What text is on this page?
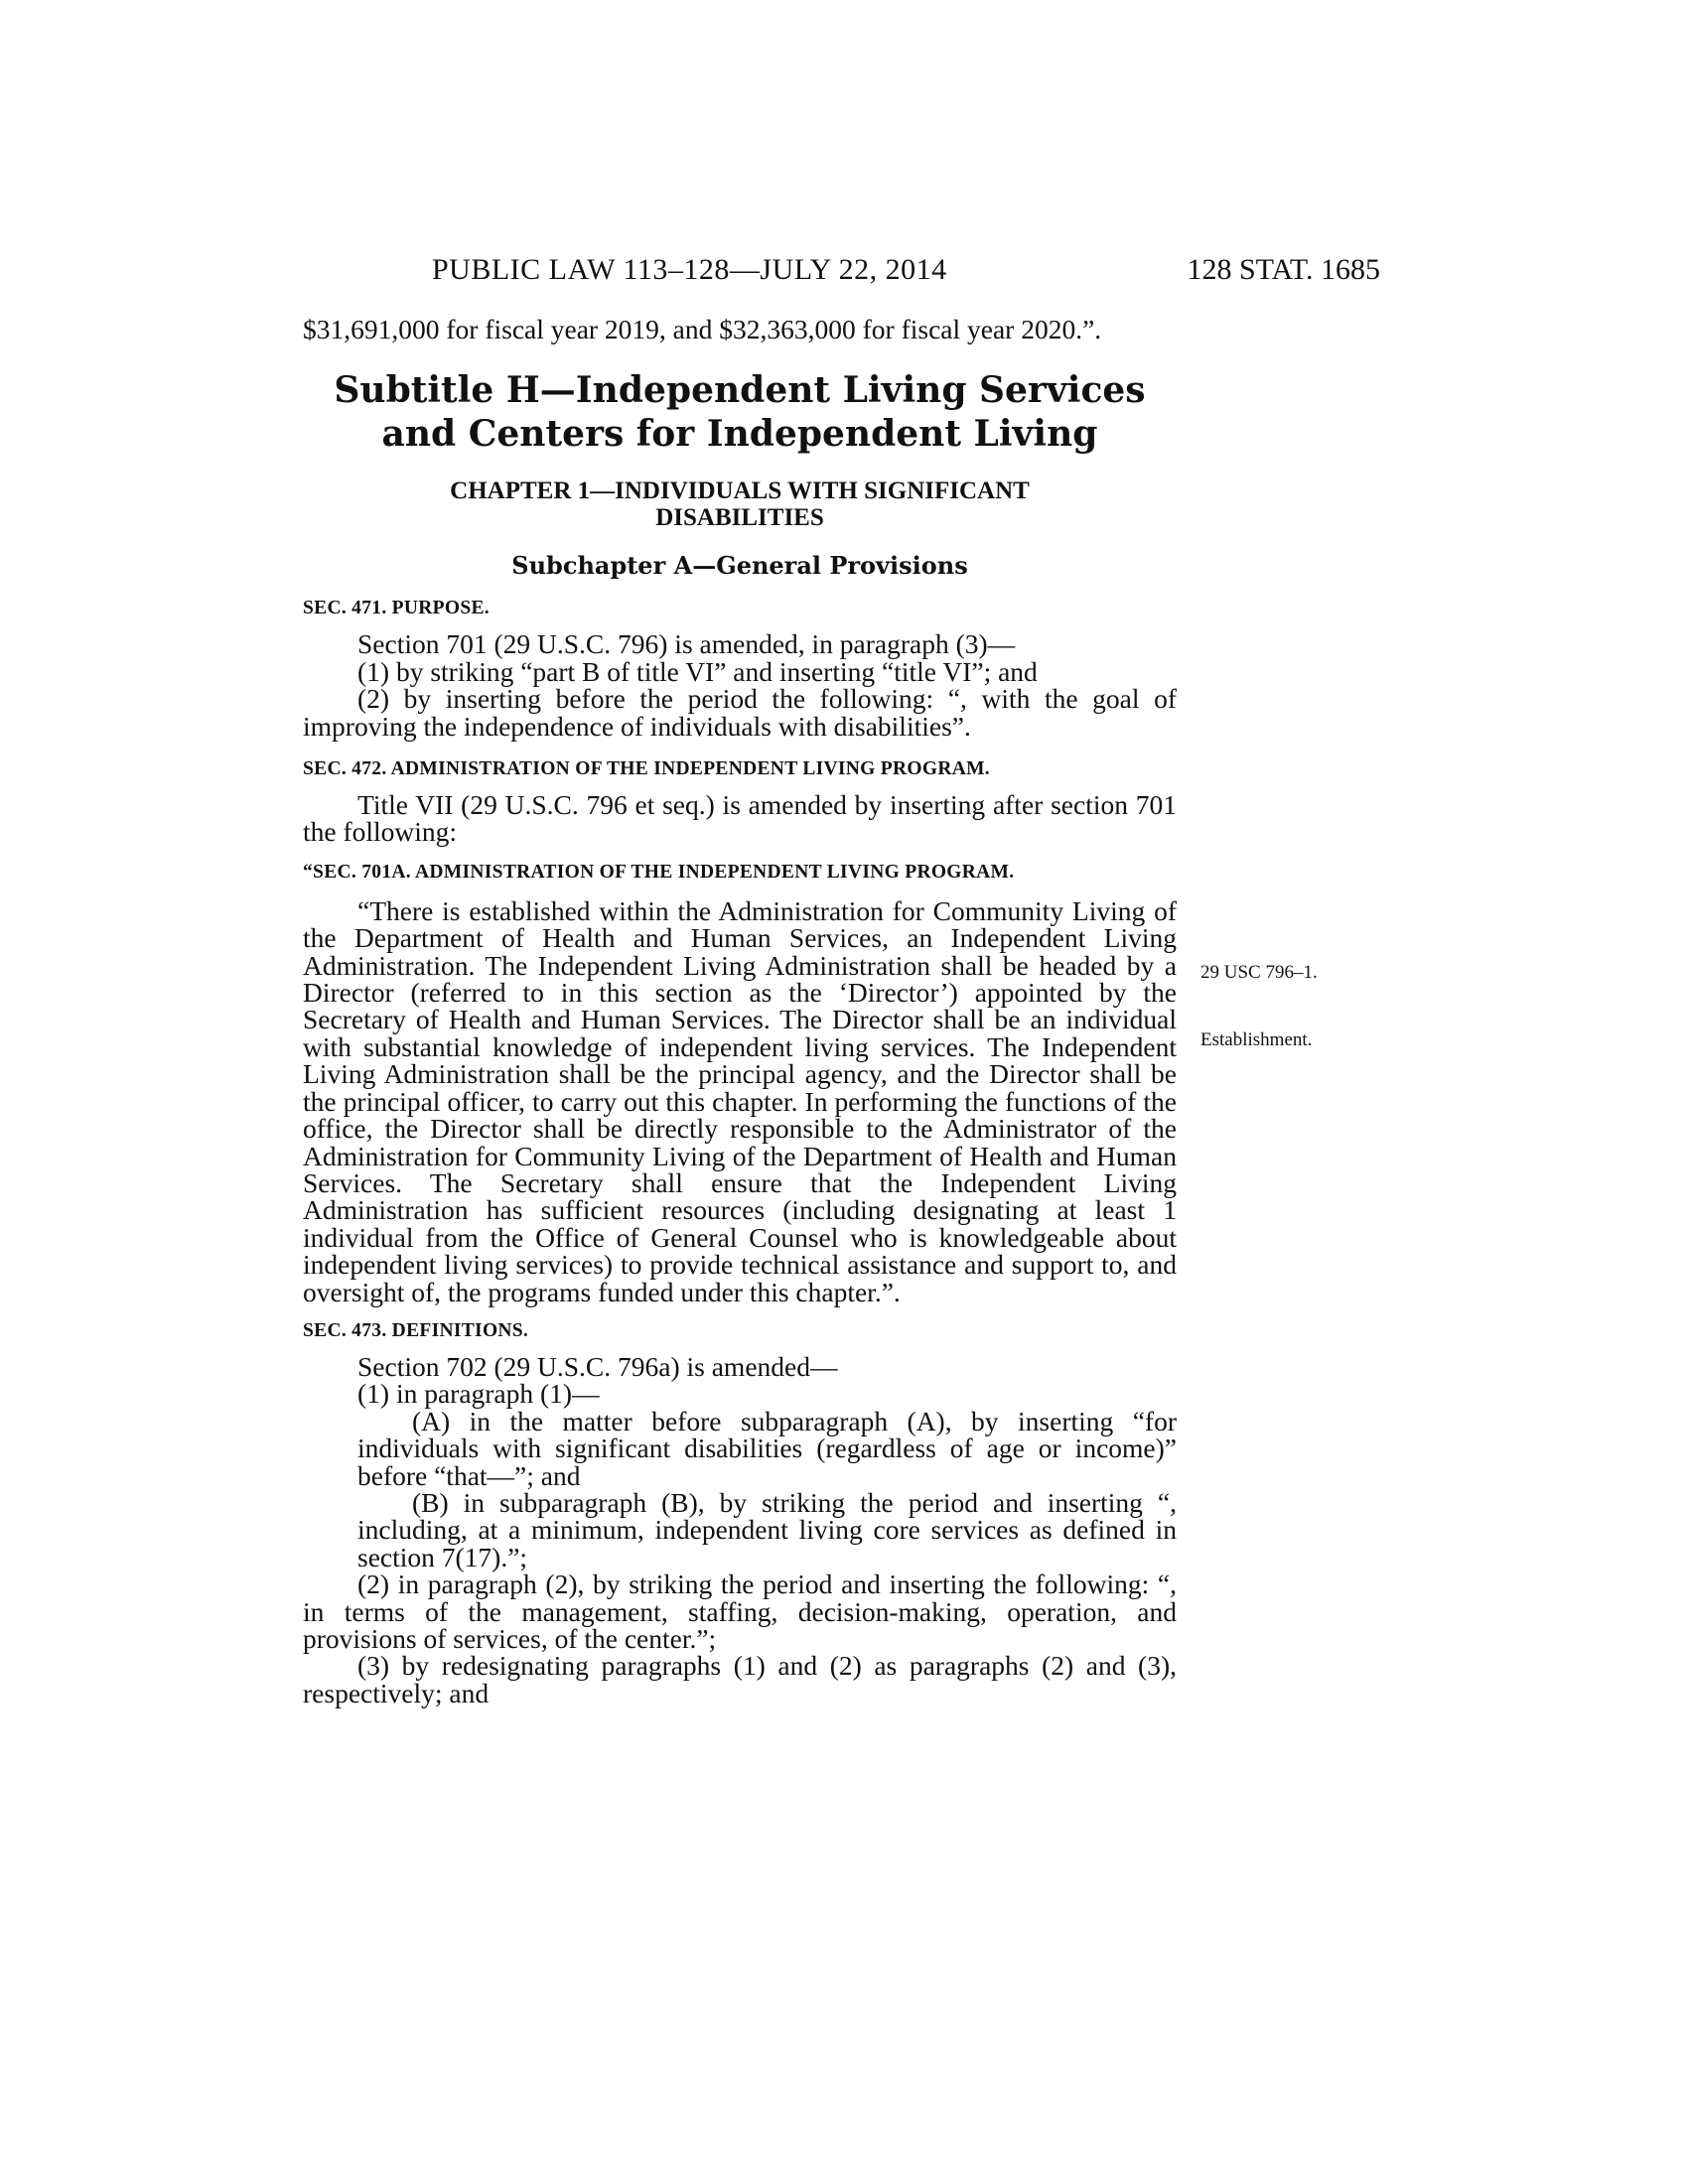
PUBLIC LAW 113–128—JULY 22, 2014	128 STAT. 1685
29 USC 796–1.
Establishment.

$31,691,000 for fiscal year 2019, and $32,363,000 for fiscal year 2020.”.

Subtitle H—Independent Living Services
and Centers for Independent Living
CHAPTER 1—INDIVIDUALS WITH SIGNIFICANT
DISABILITIES
Subchapter A—General Provisions
SEC. 471. PURPOSE.

Section 701 (29 U.S.C. 796) is amended, in paragraph (3)—

(1) by striking “part B of title VI” and inserting “title VI”; and

(2) by inserting before the period the following: “, with the goal of improving the independence of individuals with disabilities”.

SEC. 472. ADMINISTRATION OF THE INDEPENDENT LIVING PROGRAM.

Title VII (29 U.S.C. 796 et seq.) is amended by inserting after section 701 the following:

“SEC. 701A. ADMINISTRATION OF THE INDEPENDENT LIVING PROGRAM.

“There is established within the Administration for Community Living of the Department of Health and Human Services, an Independent Living Administration. The Independent Living Administration shall be headed by a Director (referred to in this section as the ‘Director’) appointed by the Secretary of Health and Human Services. The Director shall be an individual with substantial knowledge of independent living services. The Independent Living Administration shall be the principal agency, and the Director shall be the principal officer, to carry out this chapter. In performing the functions of the office, the Director shall be directly responsible to the Administrator of the Administration for Community Living of the Department of Health and Human Services. The Secretary shall ensure that the Independent Living Administration has sufficient resources (including designating at least 1 individual from the Office of General Counsel who is knowledgeable about independent living services) to provide technical assistance and support to, and oversight of, the programs funded under this chapter.”.

SEC. 473. DEFINITIONS.

Section 702 (29 U.S.C. 796a) is amended—

(1) in paragraph (1)—

(A) in the matter before subparagraph (A), by inserting “for individuals with significant disabilities (regardless of age or income)” before “that—”; and

(B) in subparagraph (B), by striking the period and inserting “, including, at a minimum, independent living core services as defined in section 7(17).”;

(2) in paragraph (2), by striking the period and inserting the following: “, in terms of the management, staffing, decision-making, operation, and provisions of services, of the center.”;

(3) by redesignating paragraphs (1) and (2) as paragraphs (2) and (3), respectively; and
